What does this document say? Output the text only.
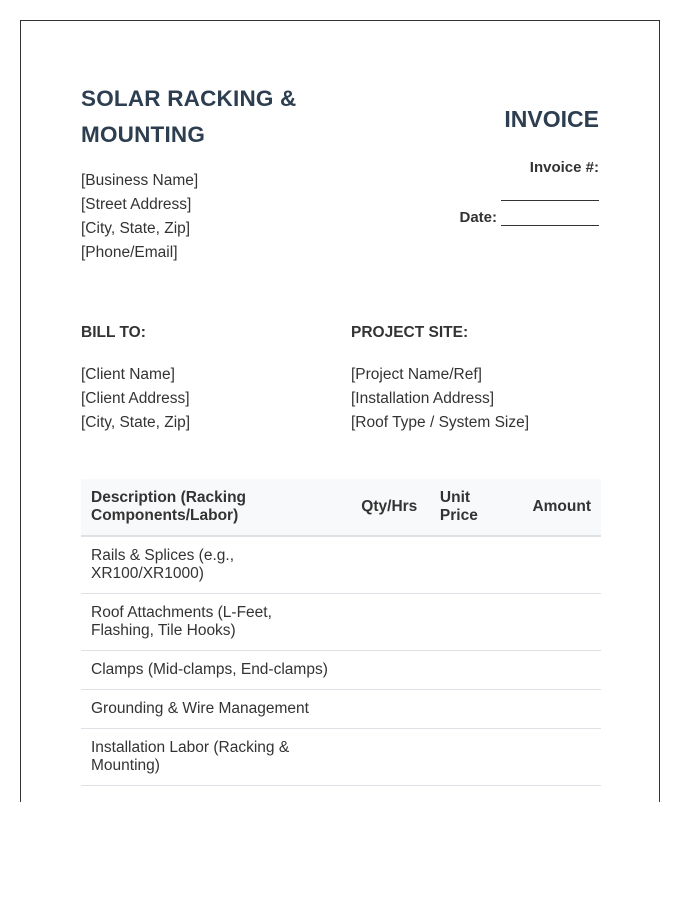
SOLAR RACKING & MOUNTING
[Business Name]
[Street Address]
[City, State, Zip]
[Phone/Email]
INVOICE
Invoice #:
Date:
BILL TO:
[Client Name]
[Client Address]
[City, State, Zip]
PROJECT SITE:
[Project Name/Ref]
[Installation Address]
[Roof Type / System Size]
Description (Racking Components/Labor)	Qty/Hrs	Unit Price	Amount
Rails & Splices (e.g., XR100/XR1000)			
Roof Attachments (L-Feet, Flashing, Tile Hooks)			
Clamps (Mid-clamps, End-clamps)			
Grounding & Wire Management			
Installation Labor (Racking & Mounting)			
